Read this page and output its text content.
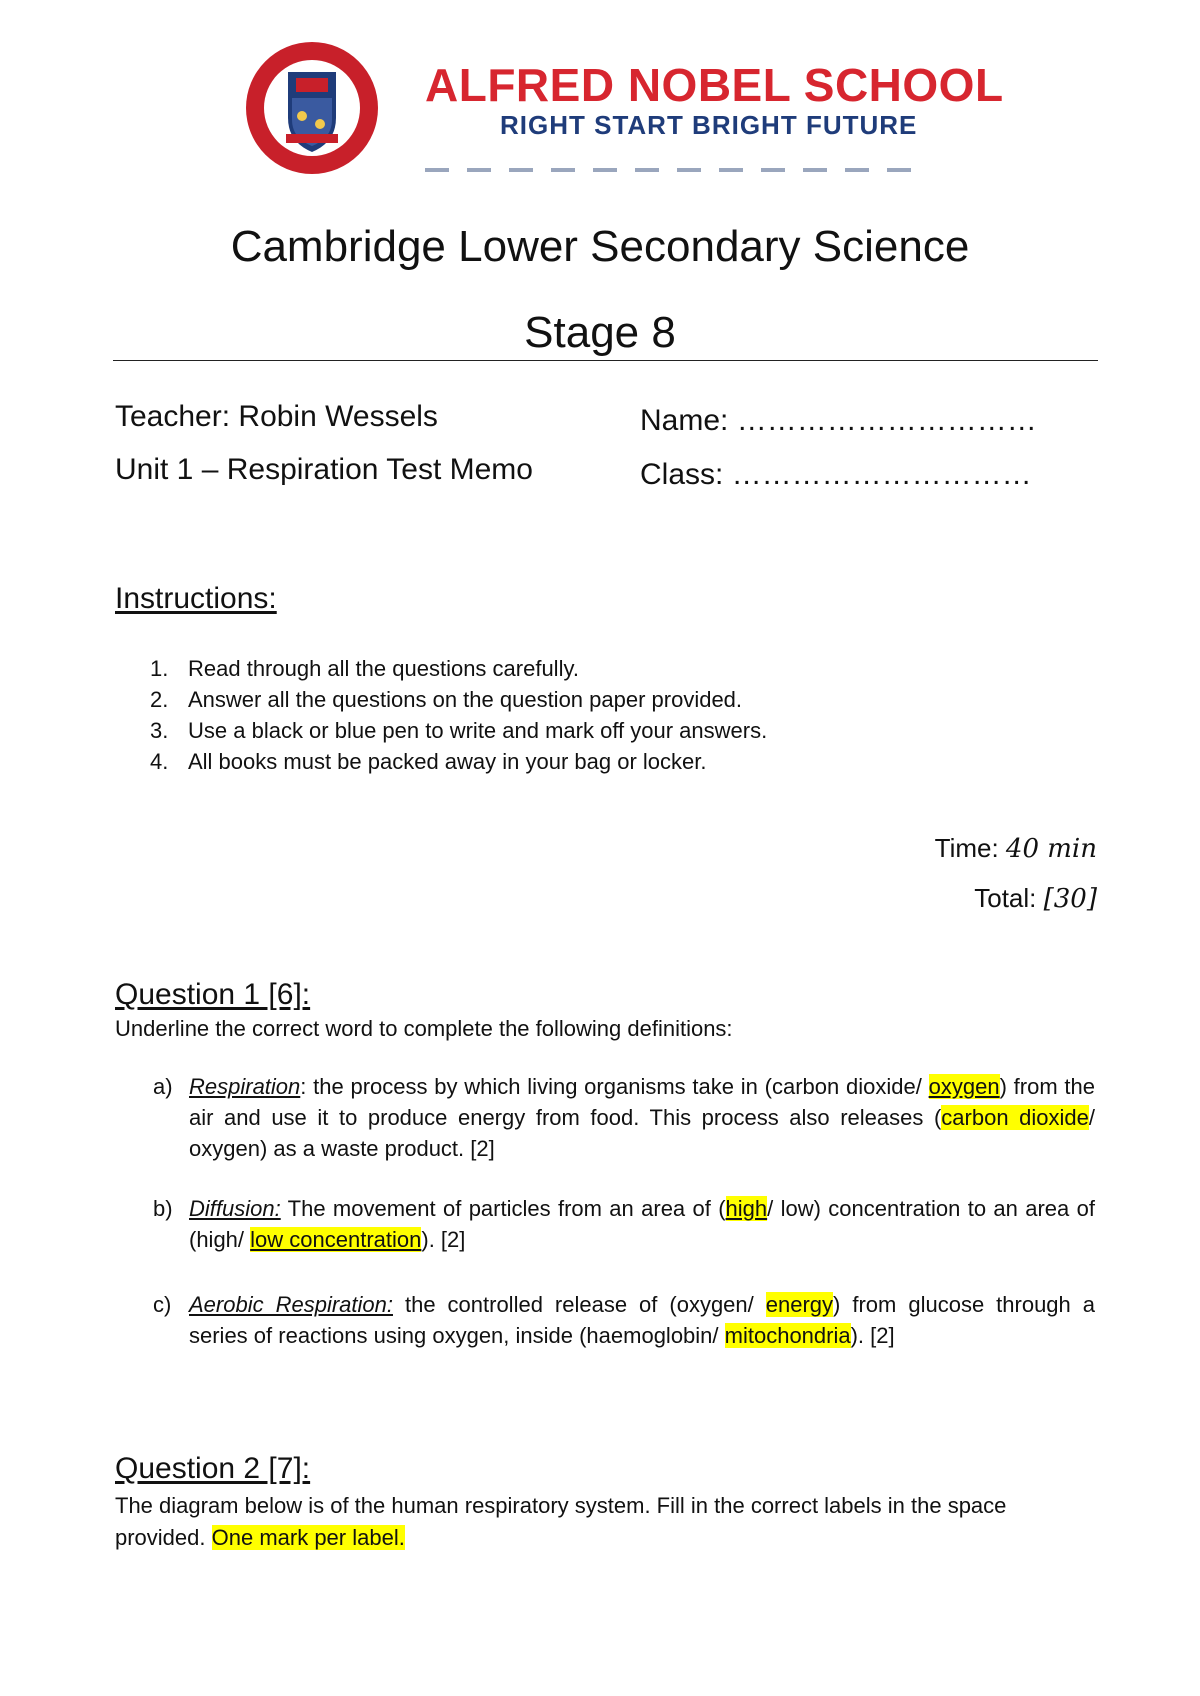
ALFRED NOBEL SCHOOL
RIGHT START BRIGHT FUTURE
Cambridge Lower Secondary Science
Stage 8
Teacher: Robin Wessels
Unit 1 – Respiration Test Memo
Name: …………………………
Class: …………………………
Instructions:
1. Read through all the questions carefully.
2. Answer all the questions on the question paper provided.
3. Use a black or blue pen to write and mark off your answers.
4. All books must be packed away in your bag or locker.
Time: 40 min
Total: [30]
Question 1 [6]:
Underline the correct word to complete the following definitions:
a) Respiration: the process by which living organisms take in (carbon dioxide/ oxygen) from the air and use it to produce energy from food. This process also releases (carbon dioxide/ oxygen) as a waste product. [2]
b) Diffusion: The movement of particles from an area of (high/ low) concentration to an area of (high/ low concentration). [2]
c) Aerobic Respiration: the controlled release of (oxygen/ energy) from glucose through a series of reactions using oxygen, inside (haemoglobin/ mitochondria). [2]
Question 2 [7]:
The diagram below is of the human respiratory system. Fill in the correct labels in the space provided. One mark per label.
